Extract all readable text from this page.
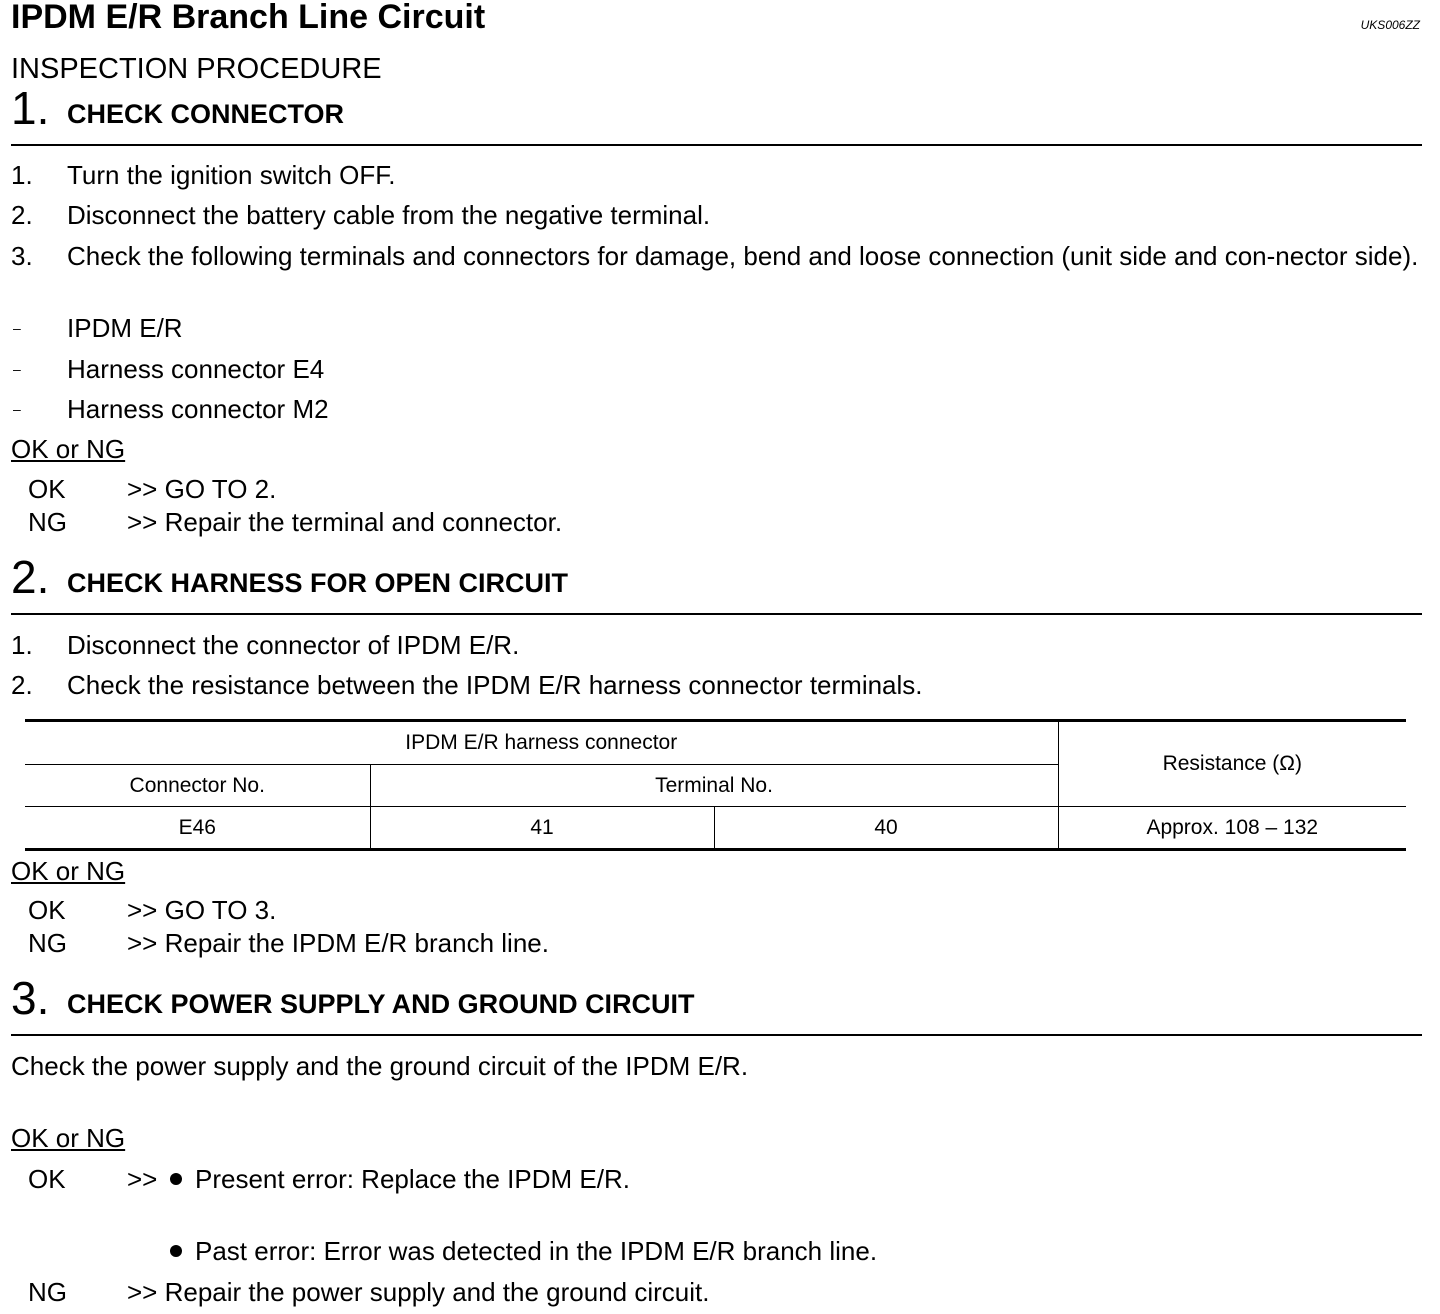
IPDM E/R Branch Line Circuit	UKS006ZZ
INSPECTION PROCEDURE
1. CHECK CONNECTOR
1. Turn the ignition switch OFF.
2. Disconnect the battery cable from the negative terminal.
3. Check the following terminals and connectors for damage, bend and loose connection (unit side and con-nector side).
– IPDM E/R
– Harness connector E4
– Harness connector M2
OK or NG
OK >> GO TO 2.
NG >> Repair the terminal and connector.
2. CHECK HARNESS FOR OPEN CIRCUIT
1. Disconnect the connector of IPDM E/R.
2. Check the resistance between the IPDM E/R harness connector terminals.
IPDM E/R harness connector			Resistance (Ω)
Connector No.	Terminal No.		
E46	41	40	Approx. 108 – 132
OK or NG
OK >> GO TO 3.
NG >> Repair the IPDM E/R branch line.
3. CHECK POWER SUPPLY AND GROUND CIRCUIT
Check the power supply and the ground circuit of the IPDM E/R.
OK or NG
OK >>	Present error: Replace the IPDM E/R.
Past error: Error was detected in the IPDM E/R branch line.
NG >> Repair the power supply and the ground circuit.
